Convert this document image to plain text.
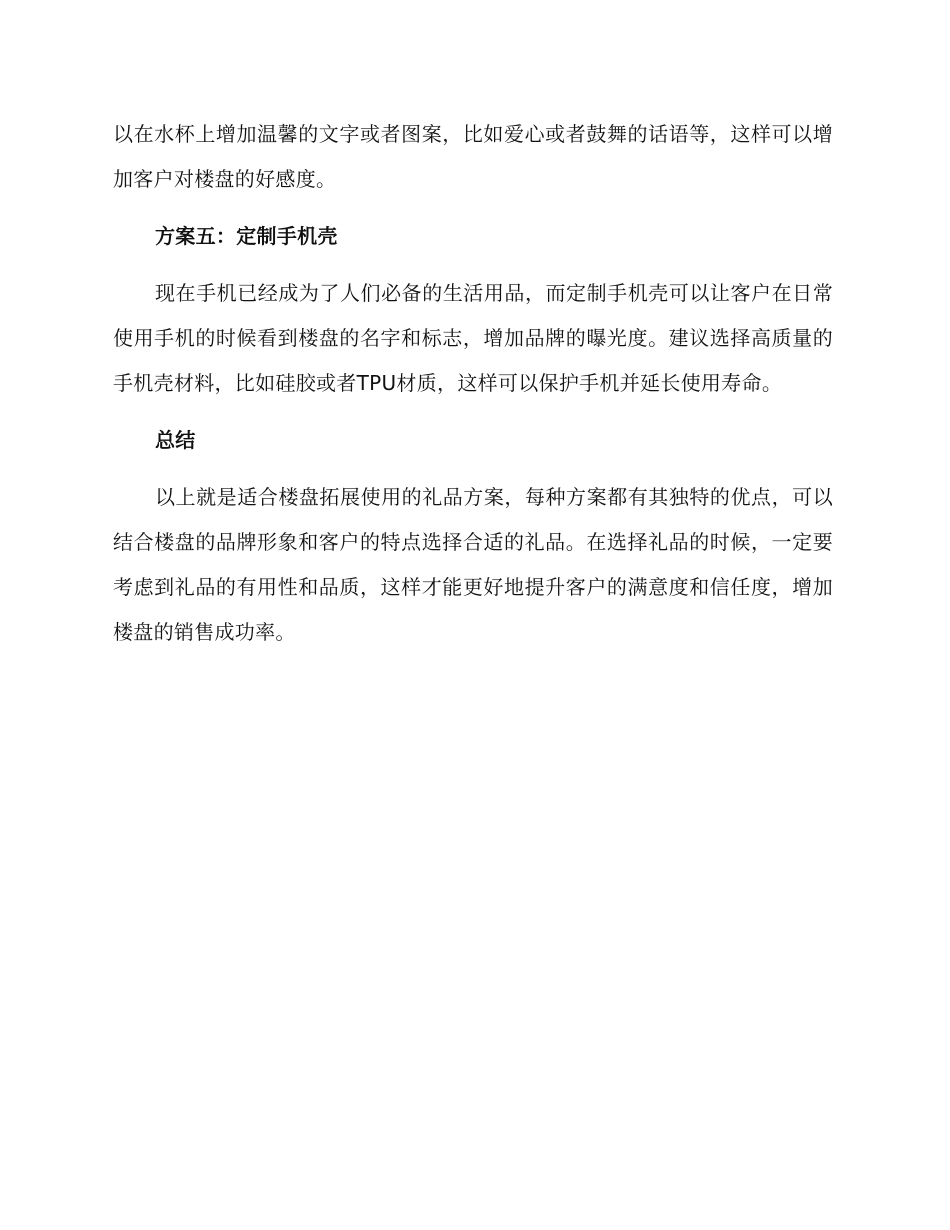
以在水杯上增加温馨的文字或者图案，比如爱心或者鼓舞的话语等，这样可以增加客户对楼盘的好感度。

方案五：定制手机壳

现在手机已经成为了人们必备的生活用品，而定制手机壳可以让客户在日常使用手机的时候看到楼盘的名字和标志，增加品牌的曝光度。建议选择高质量的手机壳材料，比如硅胶或者TPU材质，这样可以保护手机并延长使用寿命。

总结

以上就是适合楼盘拓展使用的礼品方案，每种方案都有其独特的优点，可以结合楼盘的品牌形象和客户的特点选择合适的礼品。在选择礼品的时候，一定要考虑到礼品的有用性和品质，这样才能更好地提升客户的满意度和信任度，增加楼盘的销售成功率。
